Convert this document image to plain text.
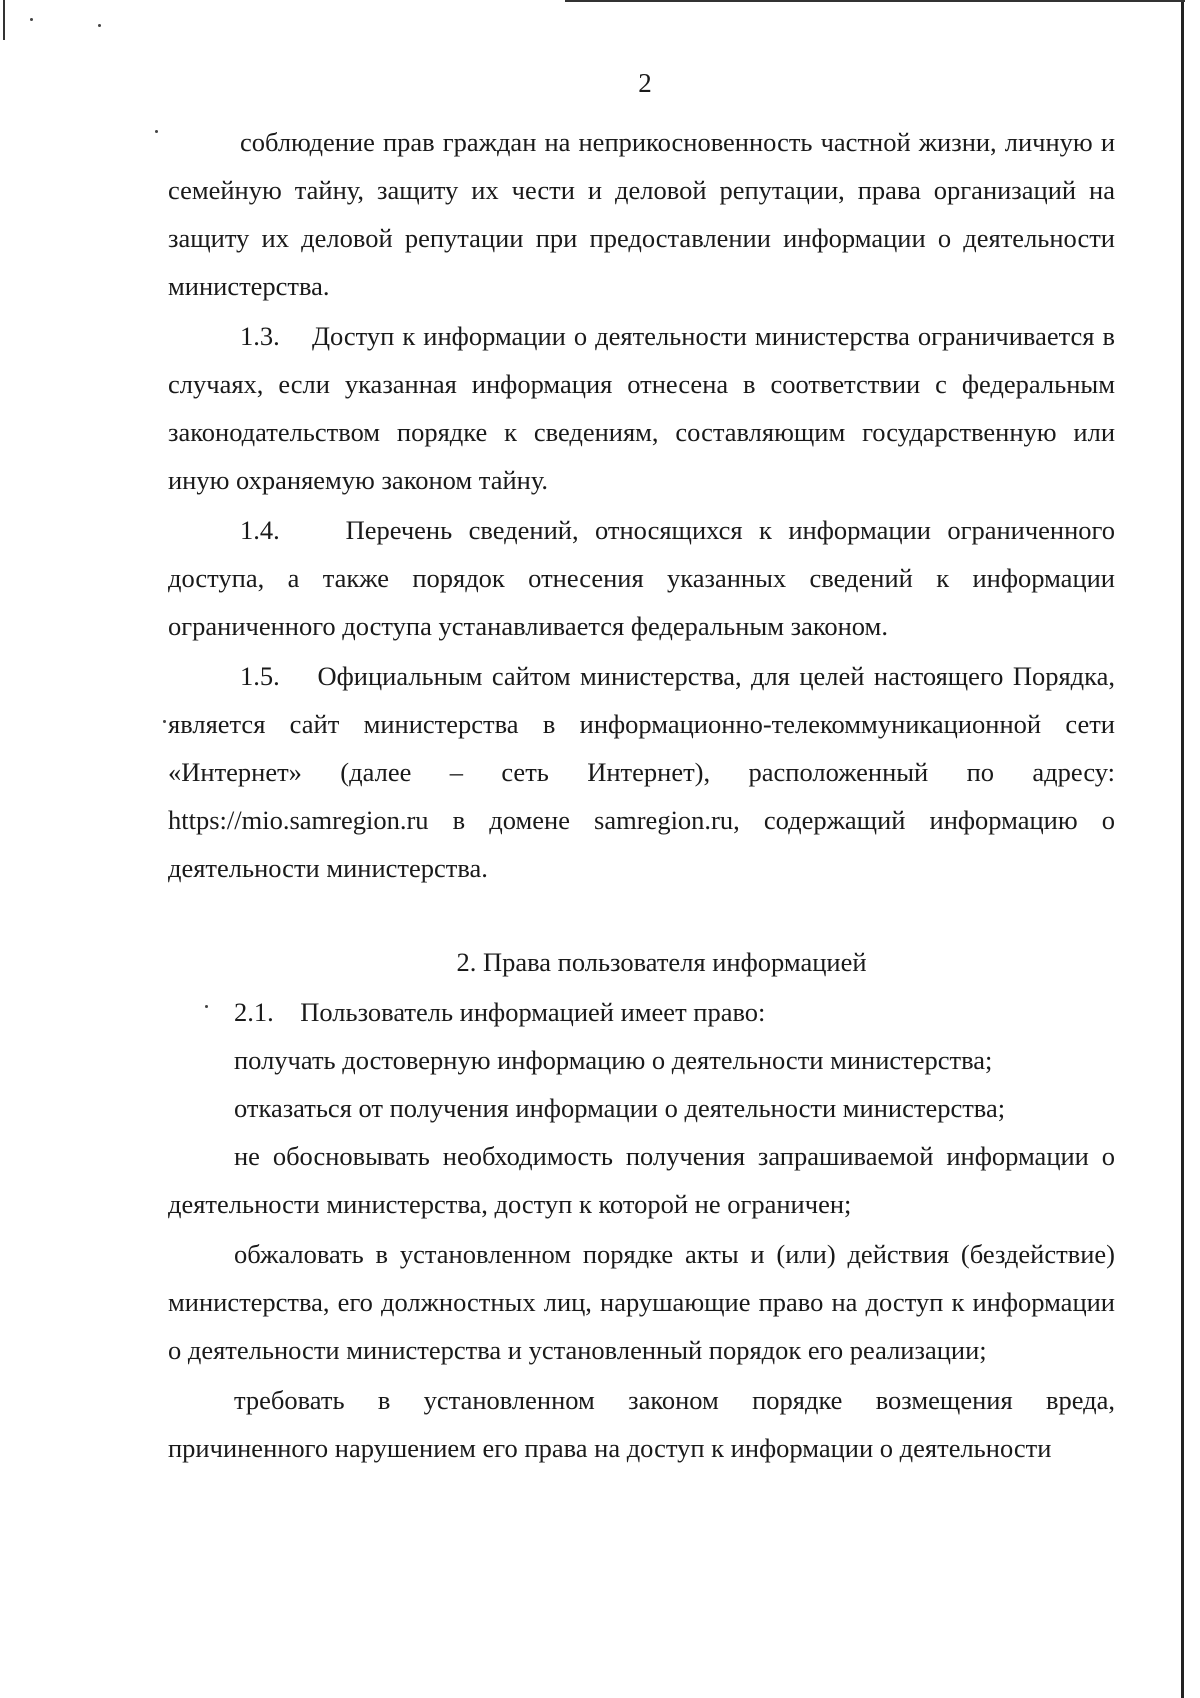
2

соблюдение прав граждан на неприкосновенность частной жизни, личную и семейную тайну, защиту их чести и деловой репутации, права организаций на защиту их деловой репутации при предоставлении информации о деятельности министерства.

1.3. Доступ к информации о деятельности министерства ограничивается в случаях, если указанная информация отнесена в соответствии с федеральным законодательством порядке к сведениям, составляющим государственную или иную охраняемую законом тайну.

1.4. Перечень сведений, относящихся к информации ограниченного доступа, а также порядок отнесения указанных сведений к информации ограниченного доступа устанавливается федеральным законом.

1.5. Официальным сайтом министерства, для целей настоящего Порядка, является сайт министерства в информационно-телекоммуникационной сети «Интернет» (далее – сеть Интернет), расположенный по адресу: https://mio.samregion.ru в домене samregion.ru, содержащий информацию о деятельности министерства.

2. Права пользователя информацией

2.1. Пользователь информацией имеет право:

получать достоверную информацию о деятельности министерства;

отказаться от получения информации о деятельности министерства;

не обосновывать необходимость получения запрашиваемой информации о деятельности министерства, доступ к которой не ограничен;

обжаловать в установленном порядке акты и (или) действия (бездействие) министерства, его должностных лиц, нарушающие право на доступ к информации о деятельности министерства и установленный порядок его реализации;

требовать в установленном законом порядке возмещения вреда, причиненного нарушением его права на доступ к информации о деятельности
